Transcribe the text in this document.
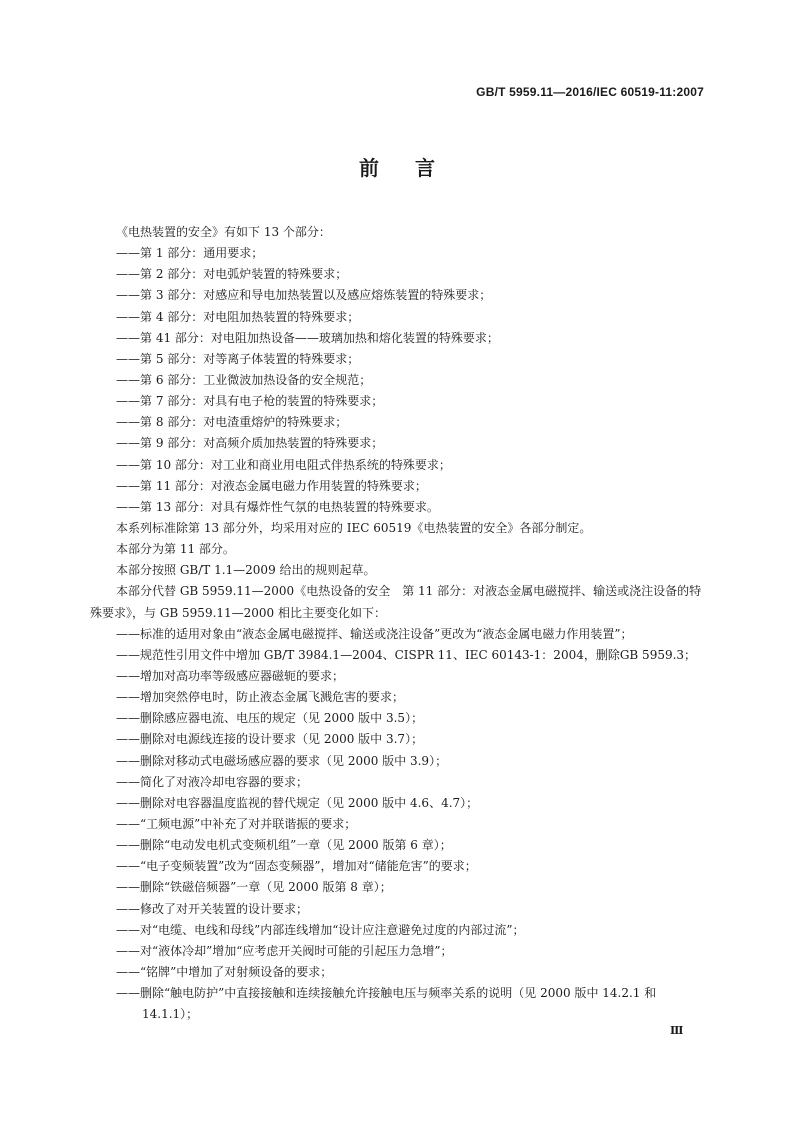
GB/T 5959.11—2016/IEC 60519-11:2007
前言
《电热装置的安全》有如下 13 个部分：
——第 1 部分：通用要求；
——第 2 部分：对电弧炉装置的特殊要求；
——第 3 部分：对感应和导电加热装置以及感应熔炼装置的特殊要求；
——第 4 部分：对电阻加热装置的特殊要求；
——第 41 部分：对电阻加热设备——玻璃加热和熔化装置的特殊要求；
——第 5 部分：对等离子体装置的特殊要求；
——第 6 部分：工业微波加热设备的安全规范；
——第 7 部分：对具有电子枪的装置的特殊要求；
——第 8 部分：对电渣重熔炉的特殊要求；
——第 9 部分：对高频介质加热装置的特殊要求；
——第 10 部分：对工业和商业用电阻式伴热系统的特殊要求；
——第 11 部分：对液态金属电磁力作用装置的特殊要求；
——第 13 部分：对具有爆炸性气氛的电热装置的特殊要求。
本系列标准除第 13 部分外，均采用对应的 IEC 60519《电热装置的安全》各部分制定。
本部分为第 11 部分。
本部分按照 GB/T 1.1—2009 给出的规则起草。
本部分代替 GB 5959.11—2000《电热设备的安全　第 11 部分：对液态金属电磁搅拌、输送或浇注设备的特殊要求》，与 GB 5959.11—2000 相比主要变化如下：
——标准的适用对象由“液态金属电磁搅拌、输送或浇注设备”更改为“液态金属电磁力作用装置”；
——规范性引用文件中增加 GB/T 3984.1—2004、CISPR 11、IEC 60143-1：2004，删除GB 5959.3；
——增加对高功率等级感应器磁轭的要求；
——增加突然停电时，防止液态金属飞溅危害的要求；
——删除感应器电流、电压的规定（见 2000 版中 3.5）；
——删除对电源线连接的设计要求（见 2000 版中 3.7）；
——删除对移动式电磁场感应器的要求（见 2000 版中 3.9）；
——简化了对液冷却电容器的要求；
——删除对电容器温度监视的替代规定（见 2000 版中 4.6、4.7）；
——“工频电源”中补充了对并联谐振的要求；
——删除“电动发电机式变频机组”一章（见 2000 版第 6 章）；
——“电子变频装置”改为“固态变频器”，增加对“储能危害”的要求；
——删除“铁磁倍频器”一章（见 2000 版第 8 章）；
——修改了对开关装置的设计要求；
——对“电缆、电线和母线”内部连线增加“设计应注意避免过度的内部过流”；
——对“液体冷却”增加“应考虑开关阀时可能的引起压力急增”；
——“铭牌”中增加了对射频设备的要求；
——删除“触电防护”中直接接触和连续接触允许接触电压与频率关系的说明（见 2000 版中 14.2.1 和 14.1.1）；
Ⅲ
